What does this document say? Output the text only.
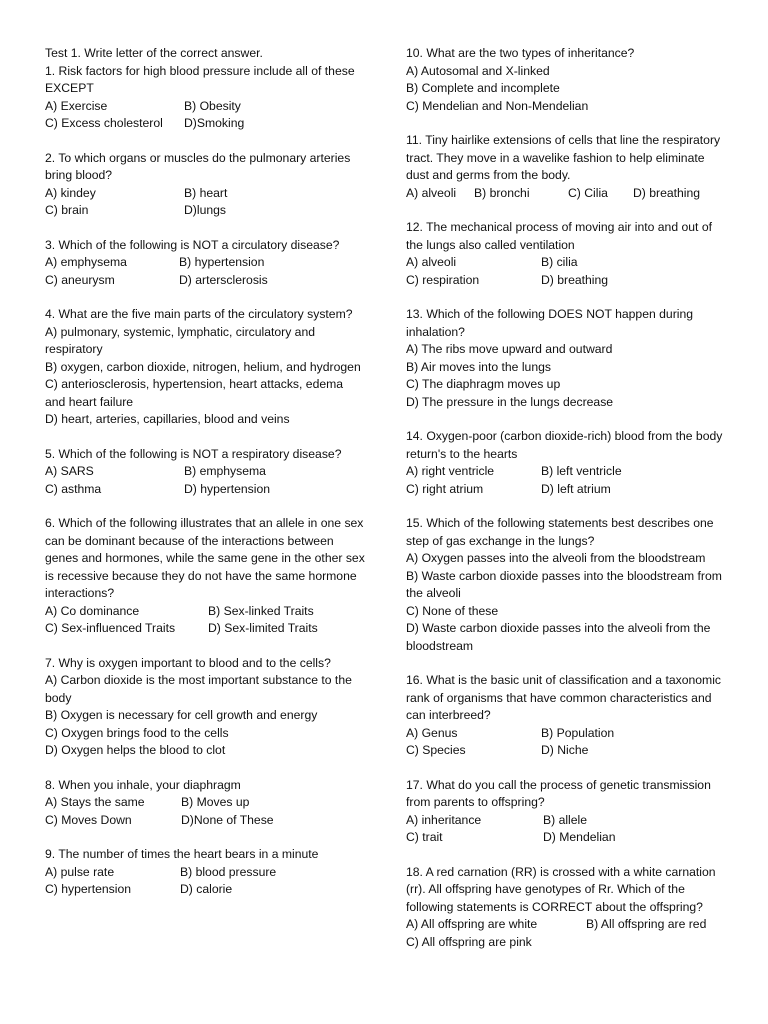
Test 1. Write letter of the correct answer.

1. Risk factors for high blood pressure include all of these EXCEPT

A) Exercise	B) Obesity
C) Excess cholesterol	D)Smoking

2. To which organs or muscles do the pulmonary arteries bring blood?

A) kindey	B) heart
C) brain	D)lungs

3. Which of the following is NOT a circulatory disease?

A) emphysema	B) hypertension
C) aneurysm	D) artersclerosis

4. What are the five main parts of the circulatory system?

A) pulmonary, systemic, lymphatic, circulatory and respiratory

B) oxygen, carbon dioxide, nitrogen, helium, and hydrogen

C) anteriosclerosis, hypertension, heart attacks, edema and heart failure

D) heart, arteries, capillaries, blood and veins

5. Which of the following is NOT a respiratory disease?

A) SARS	B) emphysema
C) asthma	D) hypertension

6. Which of the following illustrates that an allele in one sex can be dominant because of the interactions between genes and hormones, while the same gene in the other sex is recessive because they do not have the same hormone interactions?

A) Co dominance	B) Sex-linked Traits
C) Sex-influenced Traits	D) Sex-limited Traits

7. Why is oxygen important to blood and to the cells?

A) Carbon dioxide is the most important substance to the body

B) Oxygen is necessary for cell growth and energy

C) Oxygen brings food to the cells

D) Oxygen helps the blood to clot

8. When you inhale, your diaphragm

A) Stays the same	B) Moves up
C) Moves Down	D)None of These

9. The number of times the heart bears in a minute

A) pulse rate	B) blood pressure
C) hypertension	D) calorie

10. What are the two types of inheritance?

A) Autosomal and X-linked

B) Complete and incomplete

C) Mendelian and Non-Mendelian

11. Tiny hairlike extensions of cells that line the respiratory tract. They move in a wavelike fashion to help eliminate dust and germs from the body.

A) alveoli	B) bronchi	C) Cilia	D) breathing

12. The mechanical process of moving air into and out of the lungs also called ventilation

A) alveoli	B) cilia
C) respiration	D) breathing

13. Which of the following DOES NOT happen during inhalation?

A) The ribs move upward and outward

B) Air moves into the lungs

C) The diaphragm moves up

D) The pressure in the lungs decrease

14. Oxygen-poor (carbon dioxide-rich) blood from the body return's to the hearts

A) right ventricle	B) left ventricle
C) right atrium	D) left atrium

15. Which of the following statements best describes one step of gas exchange in the lungs?

A) Oxygen passes into the alveoli from the bloodstream

B) Waste carbon dioxide passes into the bloodstream from the alveoli

C) None of these

D) Waste carbon dioxide passes into the alveoli from the bloodstream

16. What is the basic unit of classification and a taxonomic rank of organisms that have common characteristics and can interbreed?

A) Genus	B) Population
C) Species	D) Niche

17. What do you call the process of genetic transmission from parents to offspring?

A) inheritance	B) allele
C) trait	D) Mendelian

18. A red carnation (RR) is crossed with a white carnation (rr). All offspring have genotypes of Rr. Which of the following statements is CORRECT about the offspring?

A) All offspring are white	B) All offspring are red

C) All offspring are pink
